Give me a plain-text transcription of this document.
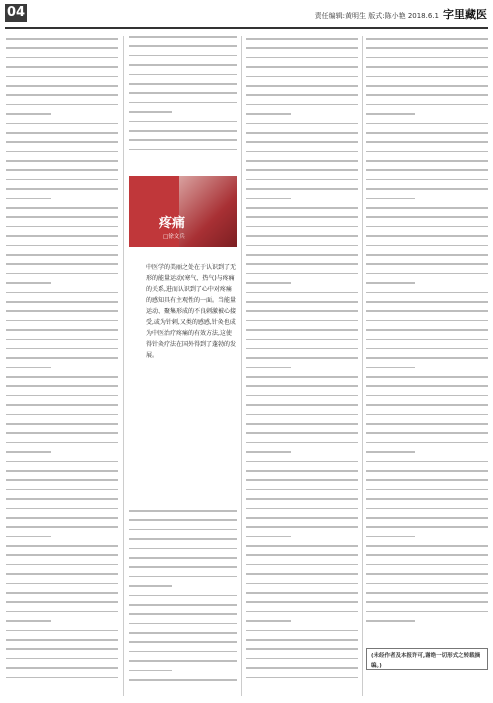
04	责任编辑:黄明生 版式:陈小艳 2018.6.1 字里藏医
疼痛
□徐文兵
中医学的美丽之处在于认识到了无形的能量运动(寒气、热气)与疼痛的关系,进而认识到了心中对疼痛的感知具有主观性的一面。当能量运动、聚集形成的不良刺激被心接受,或为针刺,又类的感感,针灸也成为中医治疗疼痛的有效方法,这使得针灸疗法在国外得到了蓬勃的发展。
(未经作者及本报许可,谢绝一切形式之转载摘编。)
